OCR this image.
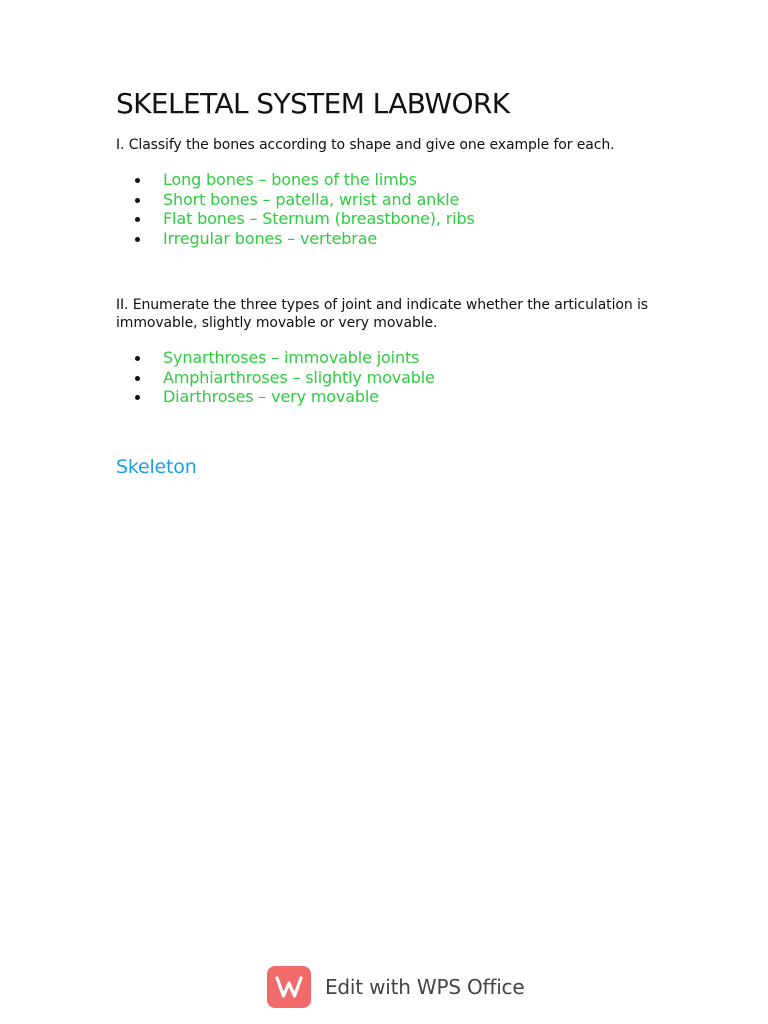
SKELETAL SYSTEM LABWORK

I. Classify the bones according to shape and give one example for each.

Long bones – bones of the limbs
Short bones – patella, wrist and ankle
Flat bones – Sternum (breastbone), ribs
Irregular bones – vertebrae

II. Enumerate the three types of joint and indicate whether the articulation is immovable, slightly movable or very movable.

Synarthroses – immovable joints
Amphiarthroses – slightly movable
Diarthroses – very movable
Skeleton
Edit with WPS Office
